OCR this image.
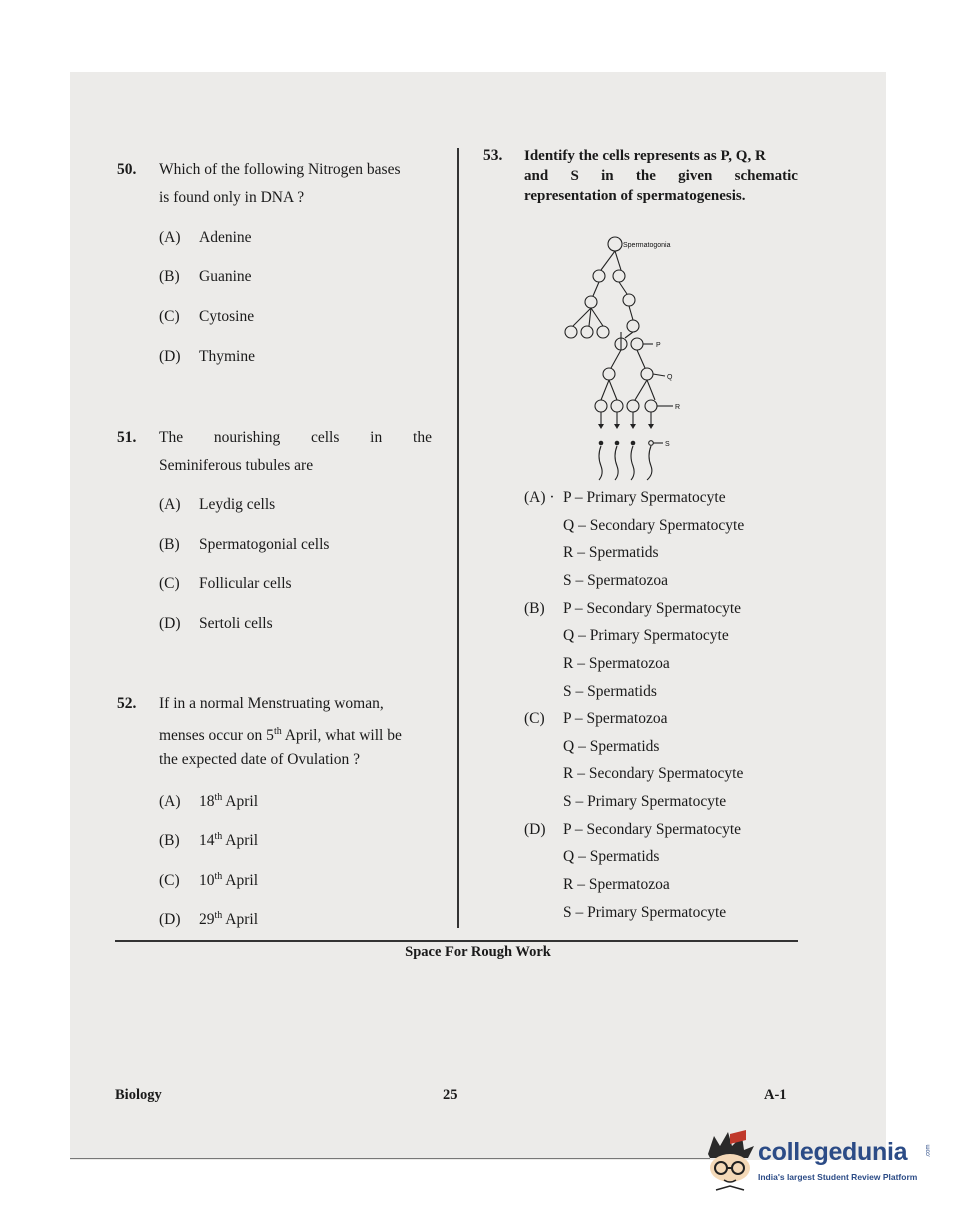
50. Which of the following Nitrogen bases
is found only in DNA ?
(A) Adenine
(B) Guanine
(C) Cytosine
(D) Thymine
51. The nourishing cells in the
Seminiferous tubules are
(A) Leydig cells
(B) Spermatogonial cells
(C) Follicular cells
(D) Sertoli cells
52. If in a normal Menstruating woman,
menses occur on 5th April, what will be
the expected date of Ovulation ?
(A) 18th April
(B) 14th April
(C) 10th April
(D) 29th April
53. Identify the cells represents as P, Q, R
and S in the given schematic
representation of spermatogenesis.
Spermatogonia
P
Q
R
S
(A) · P – Primary Spermatocyte
Q – Secondary Spermatocyte
R – Spermatids
S – Spermatozoa
(B) P – Secondary Spermatocyte
Q – Primary Spermatocyte
R – Spermatozoa
S – Spermatids
(C) P – Spermatozoa
Q – Spermatids
R – Secondary Spermatocyte
S – Primary Spermatocyte
(D) P – Secondary Spermatocyte
Q – Spermatids
R – Spermatozoa
S – Primary Spermatocyte
Space For Rough Work
Biology	25	A-1
collegedunia	.com
India's largest Student Review Platform
